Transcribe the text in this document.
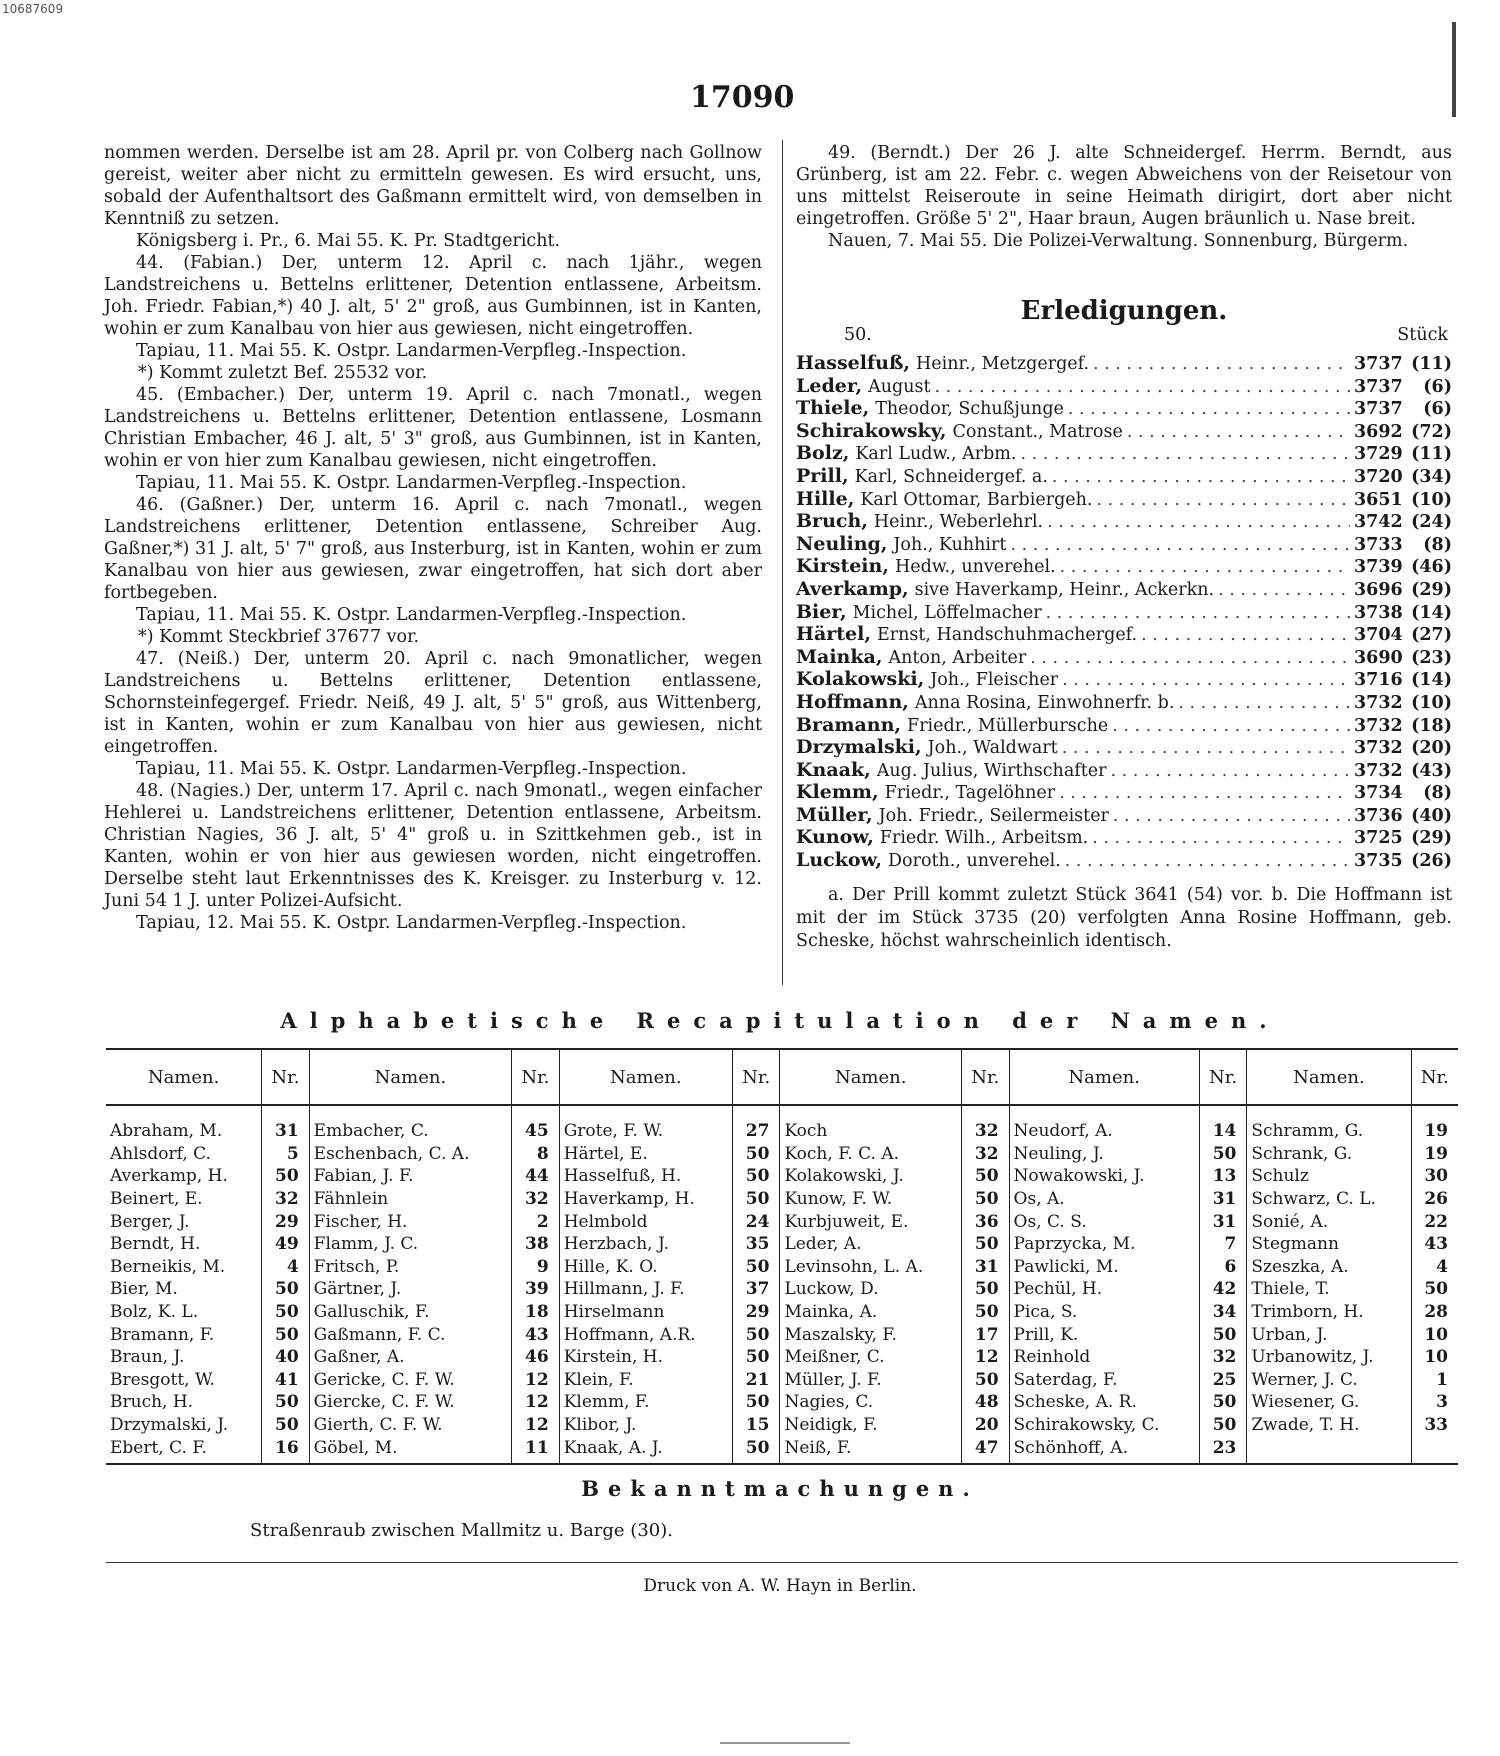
10687609
17090

nommen werden. Derselbe ist am 28. April pr. von Colberg nach Gollnow gereist, weiter aber nicht zu ermitteln gewesen. Es wird ersucht, uns, sobald der Aufenthaltsort des Gaßmann ermittelt wird, von demselben in Kenntniß zu setzen.

Königsberg i. Pr., 6. Mai 55. K. Pr. Stadtgericht.

44. (Fabian.) Der, unterm 12. April c. nach 1jähr., wegen Landstreichens u. Bettelns erlittener, Detention entlassene, Arbeitsm. Joh. Friedr. Fabian,*) 40 J. alt, 5' 2" groß, aus Gumbinnen, ist in Kanten, wohin er zum Kanalbau von hier aus gewiesen, nicht eingetroffen.

Tapiau, 11. Mai 55. K. Ostpr. Landarmen-Verpfleg.-Inspection.

*) Kommt zuletzt Bef. 25532 vor.

45. (Embacher.) Der, unterm 19. April c. nach 7monatl., wegen Landstreichens u. Bettelns erlittener, Detention entlassene, Losmann Christian Embacher, 46 J. alt, 5' 3" groß, aus Gumbinnen, ist in Kanten, wohin er von hier zum Kanalbau gewiesen, nicht eingetroffen.

Tapiau, 11. Mai 55. K. Ostpr. Landarmen-Verpfleg.-Inspection.

46. (Gaßner.) Der, unterm 16. April c. nach 7monatl., wegen Landstreichens erlittener, Detention entlassene, Schreiber Aug. Gaßner,*) 31 J. alt, 5' 7" groß, aus Insterburg, ist in Kanten, wohin er zum Kanalbau von hier aus gewiesen, zwar eingetroffen, hat sich dort aber fortbegeben.

Tapiau, 11. Mai 55. K. Ostpr. Landarmen-Verpfleg.-Inspection.

*) Kommt Steckbrief 37677 vor.

47. (Neiß.) Der, unterm 20. April c. nach 9monatlicher, wegen Landstreichens u. Bettelns erlittener, Detention entlassene, Schornsteinfegergef. Friedr. Neiß, 49 J. alt, 5' 5" groß, aus Wittenberg, ist in Kanten, wohin er zum Kanalbau von hier aus gewiesen, nicht eingetroffen.

Tapiau, 11. Mai 55. K. Ostpr. Landarmen-Verpfleg.-Inspection.

48. (Nagies.) Der, unterm 17. April c. nach 9monatl., wegen einfacher Hehlerei u. Landstreichens erlittener, Detention entlassene, Arbeitsm. Christian Nagies, 36 J. alt, 5' 4" groß u. in Szittkehmen geb., ist in Kanten, wohin er von hier aus gewiesen worden, nicht eingetroffen. Derselbe steht laut Erkenntnisses des K. Kreisger. zu Insterburg v. 12. Juni 54 1 J. unter Polizei-Aufsicht.

Tapiau, 12. Mai 55. K. Ostpr. Landarmen-Verpfleg.-Inspection.

49. (Berndt.) Der 26 J. alte Schneidergef. Herrm. Berndt, aus Grünberg, ist am 22. Febr. c. wegen Abweichens von der Reisetour von uns mittelst Reiseroute in seine Heimath dirigirt, dort aber nicht eingetroffen. Größe 5' 2", Haar braun, Augen bräunlich u. Nase breit.

Nauen, 7. Mai 55. Die Polizei-Verwaltung. Sonnenburg, Bürgerm.

Erledigungen.
50.	Stück
Hasselfuß, Heinr., Metzgergef. . . .	3737 (11)
Leder, August . . .	3737	(6)
Thiele, Theodor, Schußjunge . . .	3737	(6)
Schirakowsky, Constant., Matrose . . .	3692 (72)
Bolz, Karl Ludw., Arbm. . . .	3729 (11)
Prill, Karl, Schneidergef. a. . . .	3720 (34)
Hille, Karl Ottomar, Barbiergeh. . . .	3651 (10)
Bruch, Heinr., Weberlehrl. . . .	3742 (24)
Neuling, Joh., Kuhhirt . . .	3733	(8)
Kirstein, Hedw., unverehel. . . .	3739 (46)
Averkamp, sive Haverkamp, Heinr., Ackerkn. . . .	3696 (29)
Bier, Michel, Löffelmacher . . .	3738 (14)
Härtel, Ernst, Handschuhmachergef. . . .	3704 (27)
Mainka, Anton, Arbeiter . . .	3690 (23)
Kolakowski, Joh., Fleischer . . .	3716 (14)
Hoffmann, Anna Rosina, Einwohnerfr. b. . . .	3732 (10)
Bramann, Friedr., Müllerbursche . . .	3732 (18)
Drzymalski, Joh., Waldwart . . .	3732 (20)
Knaak, Aug. Julius, Wirthschafter . . .	3732 (43)
Klemm, Friedr., Tagelöhner . . .	3734	(8)
Müller, Joh. Friedr., Seilermeister . . .	3736 (40)
Kunow, Friedr. Wilh., Arbeitsm. . . .	3725 (29)
Luckow, Doroth., unverehel. . . .	3735 (26)

a. Der Prill kommt zuletzt Stück 3641 (54) vor. b. Die Hoffmann ist mit der im Stück 3735 (20) verfolgten Anna Rosine Hoffmann, geb. Scheske, höchst wahrscheinlich identisch.

Alphabetische Recapitulation der Namen.
Namen.	Nr.	Namen.	Nr.	Namen.	Nr.	Namen.	Nr.	Namen.	Nr.	Namen.	Nr.
Abraham, M.	31	Embacher, C.	45	Grote, F. W.	27	Koch	32	Neudorf, A.	14	Schramm, G.	19
Ahlsdorf, C.	5	Eschenbach, C. A.	8	Härtel, E.	50	Koch, F. C. A.	32	Neuling, J.	50	Schrank, G.	19
Averkamp, H.	50	Fabian, J. F.	44	Hasselfuß, H.	50	Kolakowski, J.	50	Nowakowski, J.	13	Schulz	30
Beinert, E.	32	Fähnlein	32	Haverkamp, H.	50	Kunow, F. W.	50	Os, A.	31	Schwarz, C. L.	26
Berger, J.	29	Fischer, H.	2	Helmbold	24	Kurbjuweit, E.	36	Os, C. S.	31	Sonié, A.	22
Berndt, H.	49	Flamm, J. C.	38	Herzbach, J.	35	Leder, A.	50	Paprzycka, M.	7	Stegmann	43
Berneikis, M.	4	Fritsch, P.	9	Hille, K. O.	50	Levinsohn, L. A.	31	Pawlicki, M.	6	Szeszka, A.	4
Bier, M.	50	Gärtner, J.	39	Hillmann, J. F.	37	Luckow, D.	50	Pechül, H.	42	Thiele, T.	50
Bolz, K. L.	50	Galluschik, F.	18	Hirselmann	29	Mainka, A.	50	Pica, S.	34	Trimborn, H.	28
Bramann, F.	50	Gaßmann, F. C.	43	Hoffmann, A.R.	50	Maszalsky, F.	17	Prill, K.	50	Urban, J.	10
Braun, J.	40	Gaßner, A.	46	Kirstein, H.	50	Meißner, C.	12	Reinhold	32	Urbanowitz, J.	10
Bresgott, W.	41	Gericke, C. F. W.	12	Klein, F.	21	Müller, J. F.	50	Saterdag, F.	25	Werner, J. C.	1
Bruch, H.	50	Giercke, C. F. W.	12	Klemm, F.	50	Nagies, C.	48	Scheske, A. R.	50	Wiesener, G.	3
Drzymalski, J.	50	Gierth, C. F. W.	12	Klibor, J.	15	Neidigk, F.	20	Schirakowsky, C.	50	Zwade, T. H.	33
Ebert, C. F.	16	Göbel, M.	11	Knaak, A. J.	50	Neiß, F.	47	Schönhoff, A.	23		
Bekanntmachungen.
Straßenraub zwischen Mallmitz u. Barge (30).
Druck von A. W. Hayn in Berlin.
